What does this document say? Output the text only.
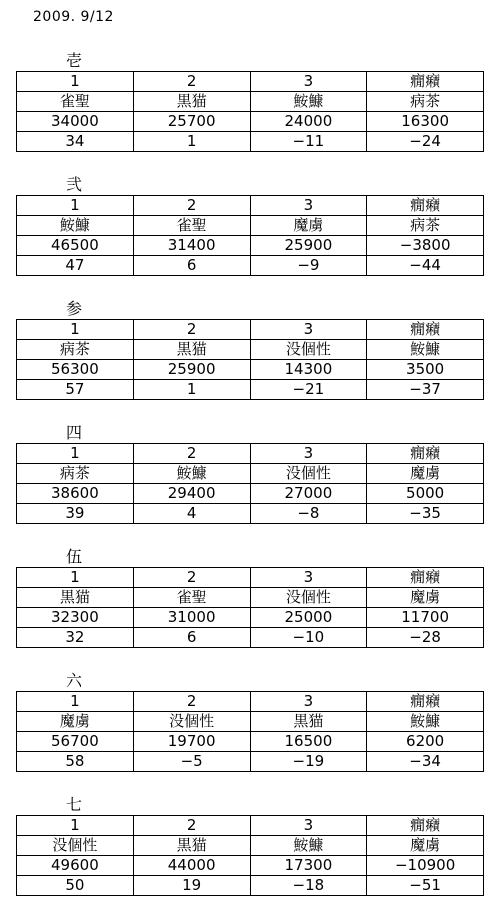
2009. 9/12
壱
1	2	3	癇癪
雀聖	黒猫	鮟鱇	病茶
34000	25700	24000	16300
34	1	−11	−24
弐
1	2	3	癇癪
鮟鱇	雀聖	魔虜	病茶
46500	31400	25900	−3800
47	6	−9	−44
参
1	2	3	癇癪
病茶	黒猫	没個性	鮟鱇
56300	25900	14300	3500
57	1	−21	−37
四
1	2	3	癇癪
病茶	鮟鱇	没個性	魔虜
38600	29400	27000	5000
39	4	−8	−35
伍
1	2	3	癇癪
黒猫	雀聖	没個性	魔虜
32300	31000	25000	11700
32	6	−10	−28
六
1	2	3	癇癪
魔虜	没個性	黒猫	鮟鱇
56700	19700	16500	6200
58	−5	−19	−34
七
1	2	3	癇癪
没個性	黒猫	鮟鱇	魔虜
49600	44000	17300	−10900
50	19	−18	−51
